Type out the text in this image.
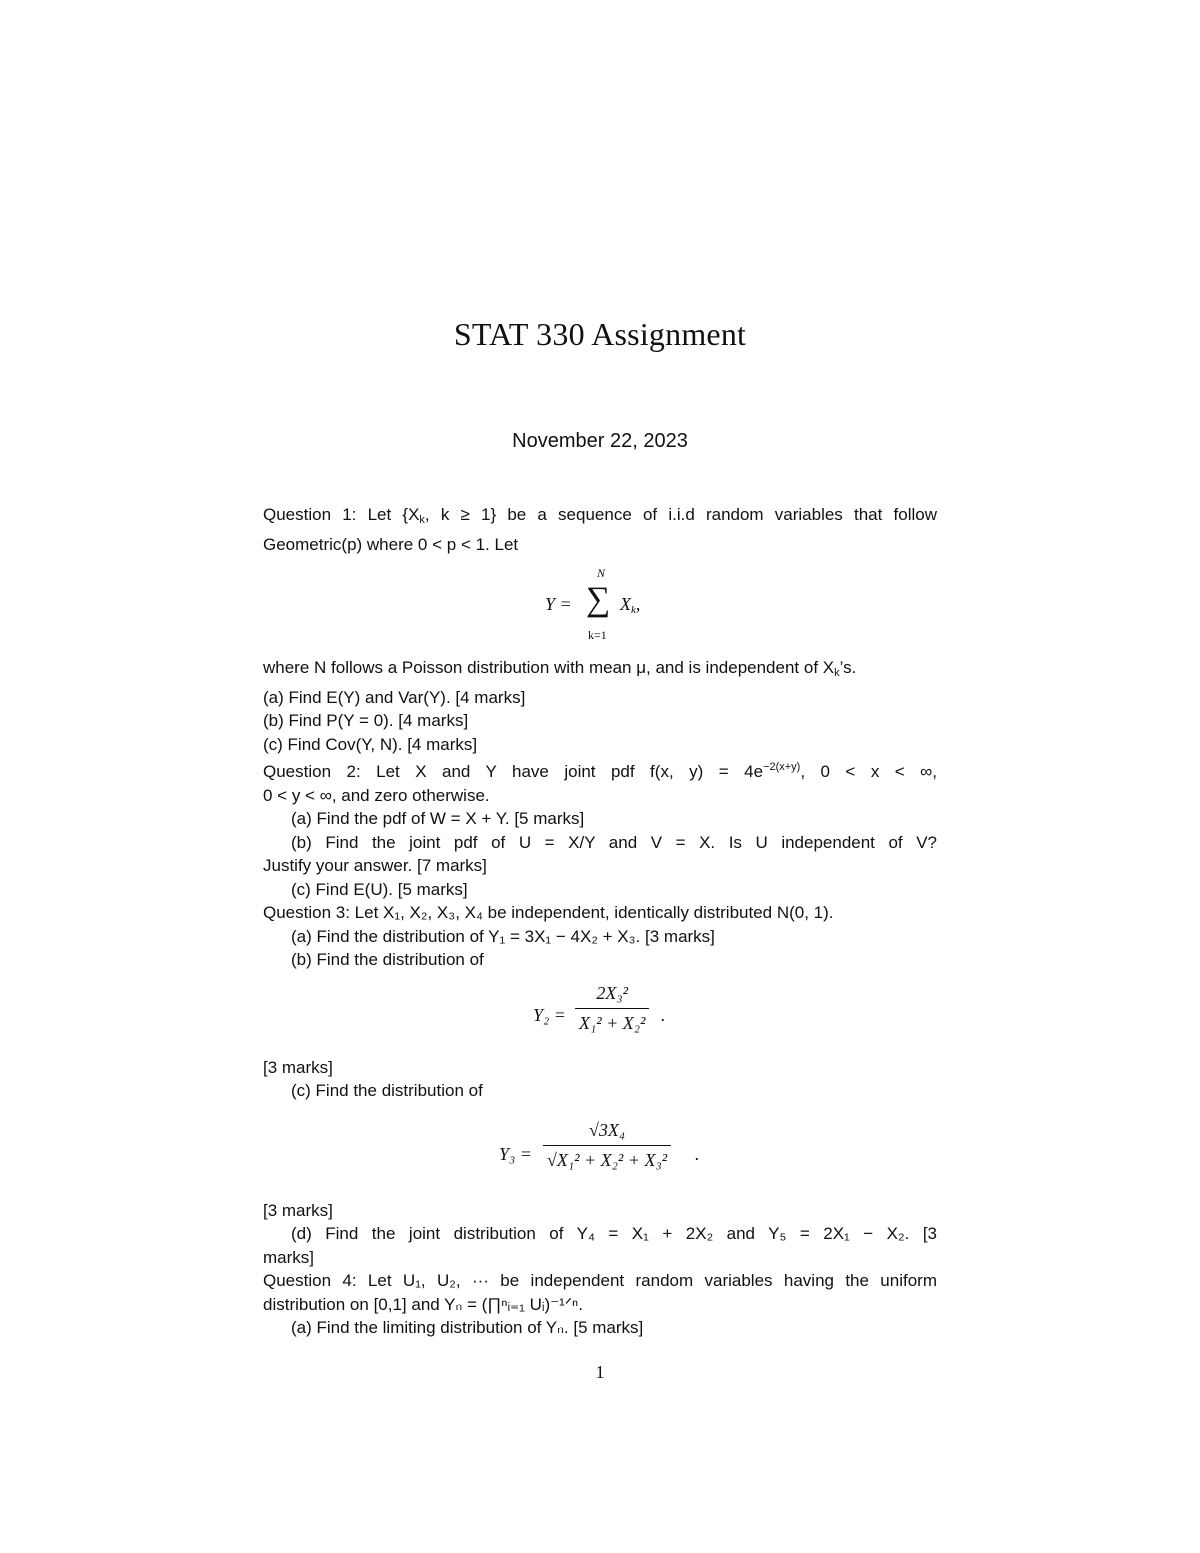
STAT 330 Assignment
November 22, 2023
Question 1: Let {$X_k$, k ≥ 1} be a sequence of i.i.d random variables that follow
Geometric(p) where 0 < p < 1. Let
Y =
N
∑
k=1
$X_k$,
where N follows a Poisson distribution with mean μ, and is independent of $X_k’s$.
(a) Find E(Y) and Var(Y). [4 marks]
(b) Find P(Y = 0). [4 marks]
(c) Find Cov(Y, N). [4 marks]
Question 2: Let X and Y have joint pdf f(x, $y) = 4e^{-2(x+y)}$, 0 < x < ∞,
0 < y < ∞, and zero otherwise.
(a) Find the pdf of W = X + Y. [5 marks]
(b) Find the joint pdf of U = X/Y and V = X. Is U independent of V?
Justify your answer. [7 marks]
(c) Find E(U). [5 marks]
Question 3: Let X₁, X₂, X₃, X₄ be independent, identically distributed N(0, 1).
(a) Find the distribution of Y₁ = 3X₁ − 4X₂ + X₃. [3 marks]
(b) Find the distribution of
$Y_2 = \frac{\text{2X₃²}}{\text{X₁² + X₂²}}$ .
[3 marks]
(c) Find the distribution of
$Y_3 = \frac{\text{√3X₄}}{\text{√X₁² + X₂² + X₃²}}$ .
[3 marks]
(d) Find the joint distribution of Y₄ = X₁ + 2X₂ and Y₅ = 2X₁ − X₂. [3
marks]
Question 4: Let U₁, U₂, ··· be independent random variables having the uniform
distribution on [0,1] and Yₙ = (∏ⁿᵢ₌₁ Uᵢ)⁻¹ᐟⁿ.
(a) Find the limiting distribution of Yₙ. [5 marks]
1
